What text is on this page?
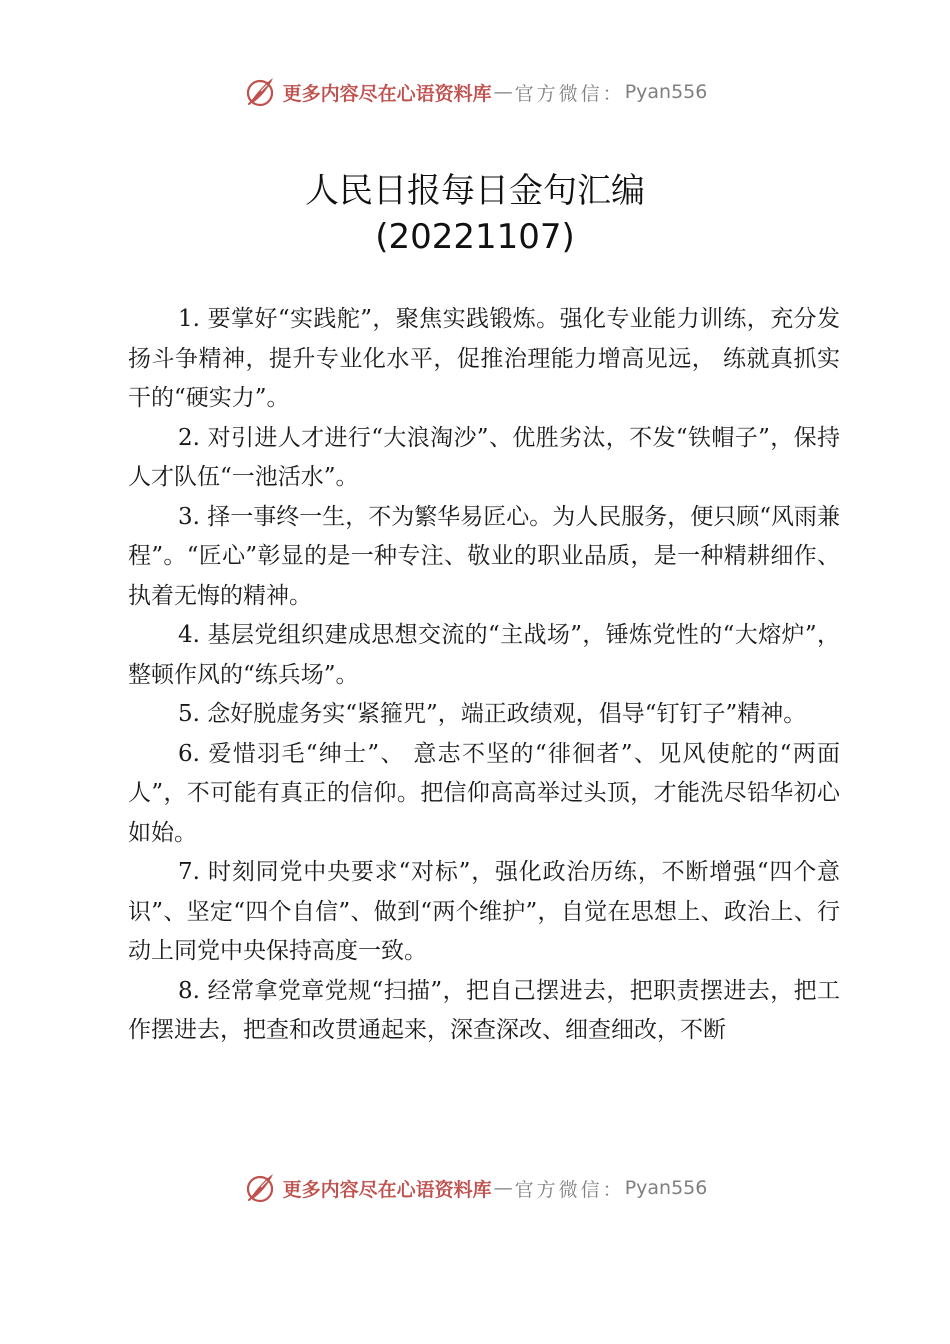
更多内容尽在心语资料库 — 官方微信： Pyan556
人民日报每日金句汇编
(20221107)

1. 要掌好“实践舵”，聚焦实践锻炼。强化专业能力训练，充分发扬斗争精神，提升专业化水平，促推治理能力增高见远， 练就真抓实干的“硬实力”。

2. 对引进人才进行“大浪淘沙”、优胜劣汰，不发“铁帽子”，保持人才队伍“一池活水”。

3. 择一事终一生，不为繁华易匠心。为人民服务，便只顾“风雨兼程”。“匠心”彰显的是一种专注、敬业的职业品质，是一种精耕细作、执着无悔的精神。

4. 基层党组织建成思想交流的“主战场”，锤炼党性的“大熔炉”，整顿作风的“练兵场”。

5. 念好脱虚务实“紧箍咒”，端正政绩观，倡导“钉钉子”精神。

6. 爱惜羽毛“绅士”、 意志不坚的“徘徊者”、见风使舵的“两面人”，不可能有真正的信仰。把信仰高高举过头顶，才能洗尽铅华初心如始。

7. 时刻同党中央要求“对标”，强化政治历练，不断增强“四个意识”、坚定“四个自信”、做到“两个维护”，自觉在思想上、政治上、行动上同党中央保持高度一致。

8. 经常拿党章党规“扫描”，把自己摆进去，把职责摆进去，把工作摆进去，把查和改贯通起来，深查深改、细查细改，不断

更多内容尽在心语资料库 — 官方微信： Pyan556
